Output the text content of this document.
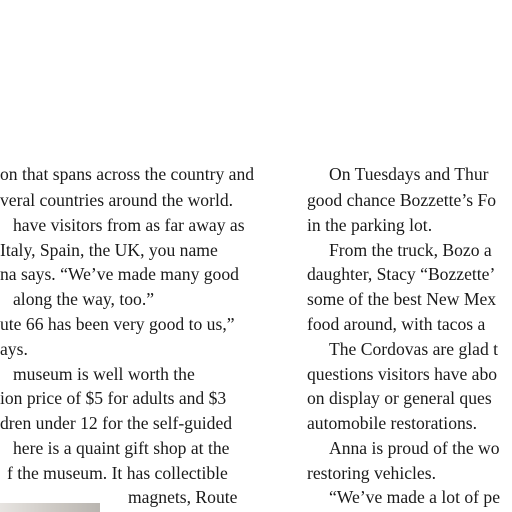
on that spans across the country and
veral countries around the world.
have visitors from as far away as
Italy, Spain, the UK, you name
na says. “We’ve made many good
along the way, too.”
ute 66 has been very good to us,”
ays.
museum is well worth the
ion price of $5 for adults and $3
dren under 12 for the self-guided
here is a quaint gift shop at the
f the museum. It has collectible
magnets, Route
On Tuesdays and Thur
good chance Bozzette’s Fo
in the parking lot.
From the truck, Bozo a
daughter, Stacy “Bozzette’
some of the best New Mex
food around, with tacos a
The Cordovas are glad t
questions visitors have abo
on display or general ques
automobile restorations.
Anna is proud of the wo
restoring vehicles.
“We’ve made a lot of pe
